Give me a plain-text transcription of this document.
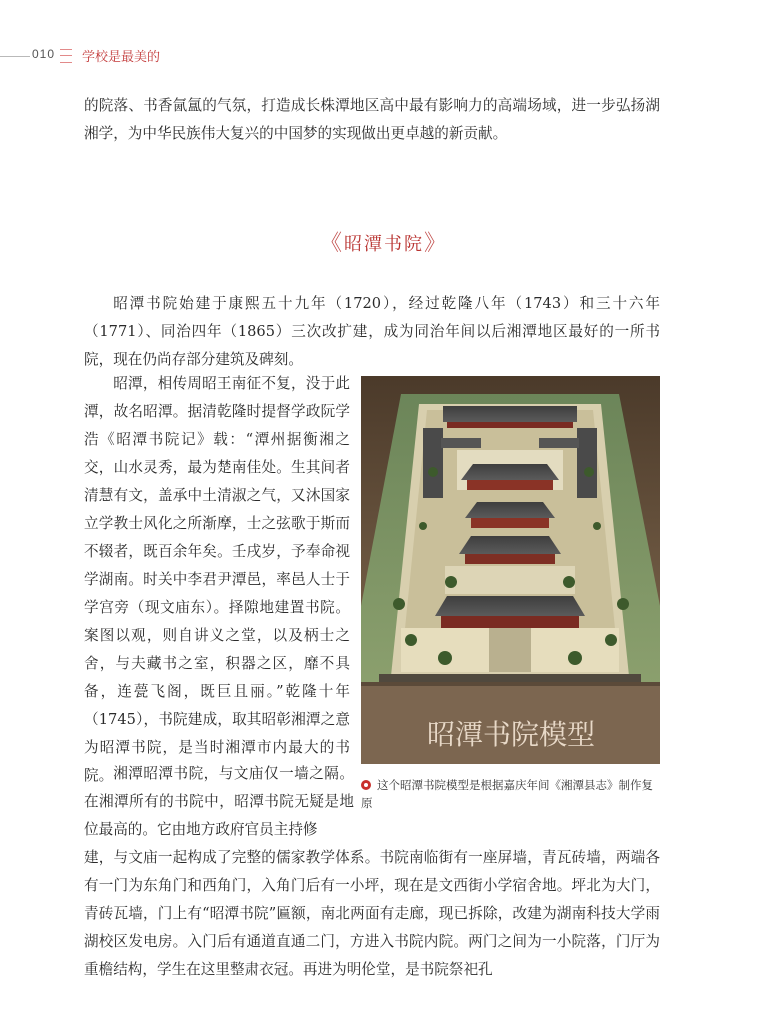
010 学校是最美的

的院落、书香氤氲的气氛，打造成长株潭地区高中最有影响力的高端场域，进一步弘扬湖湘学，为中华民族伟大复兴的中国梦的实现做出更卓越的新贡献。

《昭潭书院》

昭潭书院始建于康熙五十九年（1720），经过乾隆八年（1743）和三十六年（1771）、同治四年（1865）三次改扩建，成为同治年间以后湘潭地区最好的一所书院，现在仍尚存部分建筑及碑刻。

昭潭，相传周昭王南征不复，没于此潭，故名昭潭。据清乾隆时提督学政阮学浩《昭潭书院记》载：“潭州据衡湘之交，山水灵秀，最为楚南佳处。生其间者清慧有文，盖承中土清淑之气，又沐国家立学教士风化之所渐摩，士之弦歌于斯而不辍者，既百余年矣。壬戌岁，予奉命视学湖南。时关中李君尹潭邑，率邑人士于学宫旁（现文庙东）。择隙地建置书院。案图以观，则自讲义之堂，以及柄士之舍，与夫藏书之室，积器之区，靡不具备，连甍飞阁，既巨且丽。”乾隆十年（1745），书院建成，取其昭彰湘潭之意为昭潭书院，是当时湘潭市内最大的书院。

昭潭书院模型
这个昭潭书院模型是根据嘉庆年间《湘潭县志》制作复原

湘潭昭潭书院，与文庙仅一墙之隔。在湘潭所有的书院中，昭潭书院无疑是地位最高的。它由地方政府官员主持修

建，与文庙一起构成了完整的儒家教学体系。书院南临街有一座屏墙，青瓦砖墙，两端各有一门为东角门和西角门，入角门后有一小坪，现在是文西街小学宿舍地。坪北为大门，青砖瓦墙，门上有“昭潭书院”匾额，南北两面有走廊，现已拆除，改建为湖南科技大学雨湖校区发电房。入门后有通道直通二门，方进入书院内院。两门之间为一小院落，门厅为重檐结构，学生在这里整肃衣冠。再进为明伦堂，是书院祭祀孔
